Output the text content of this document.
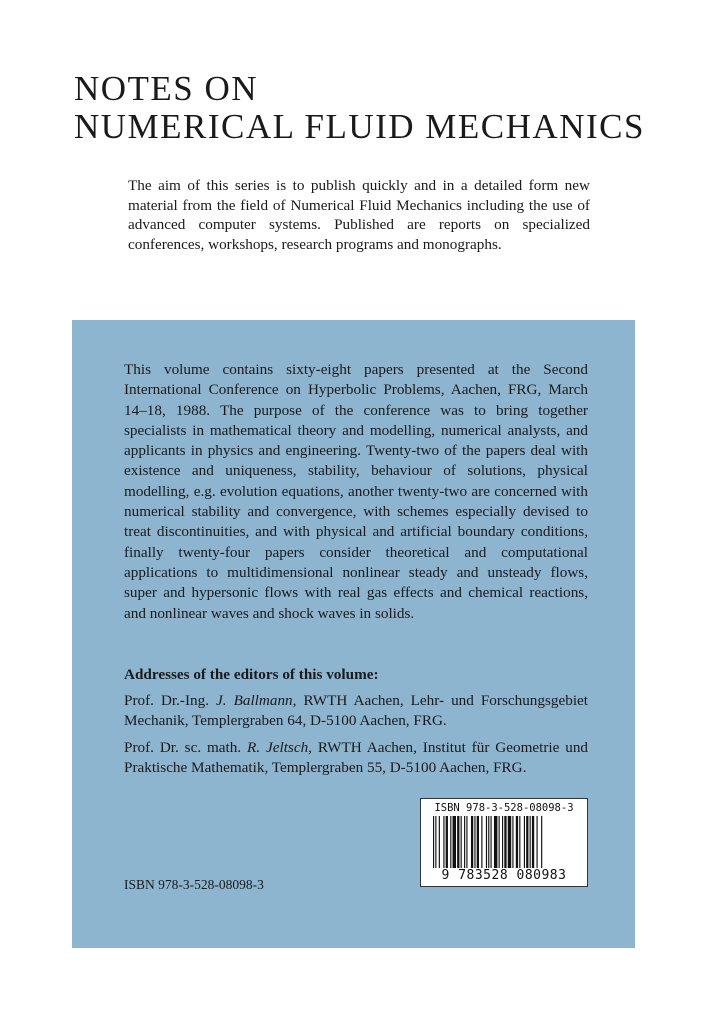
NOTES ON
NUMERICAL FLUID MECHANICS

The aim of this series is to publish quickly and in a detailed form new material from the field of Numerical Fluid Mechanics including the use of advanced computer systems. Published are reports on specialized conferences, workshops, research programs and monographs.

This volume contains sixty-eight papers presented at the Second International Conference on Hyperbolic Problems, Aachen, FRG, March 14–18, 1988. The purpose of the conference was to bring together specialists in mathematical theory and modelling, numerical analysts, and applicants in physics and engineering. Twenty-two of the papers deal with existence and uniqueness, stability, behaviour of solutions, physical modelling, e.g. evolution equations, another twenty-two are concerned with numerical stability and convergence, with schemes especially devised to treat discontinuities, and with physical and artificial boundary conditions, finally twenty-four papers consider theoretical and computational applications to multidimensional nonlinear steady and unsteady flows, super and hypersonic flows with real gas effects and chemical reactions, and nonlinear waves and shock waves in solids.

Addresses of the editors of this volume:

Prof. Dr.-Ing. J. Ballmann, RWTH Aachen, Lehr- und Forschungsgebiet Mechanik, Templergraben 64, D-5100 Aachen, FRG.

Prof. Dr. sc. math. R. Jeltsch, RWTH Aachen, Institut für Geometrie und Praktische Mathematik, Templergraben 55, D-5100 Aachen, FRG.

ISBN 978-3-528-08098-3
9 783528 080983

ISBN 978-3-528-08098-3
